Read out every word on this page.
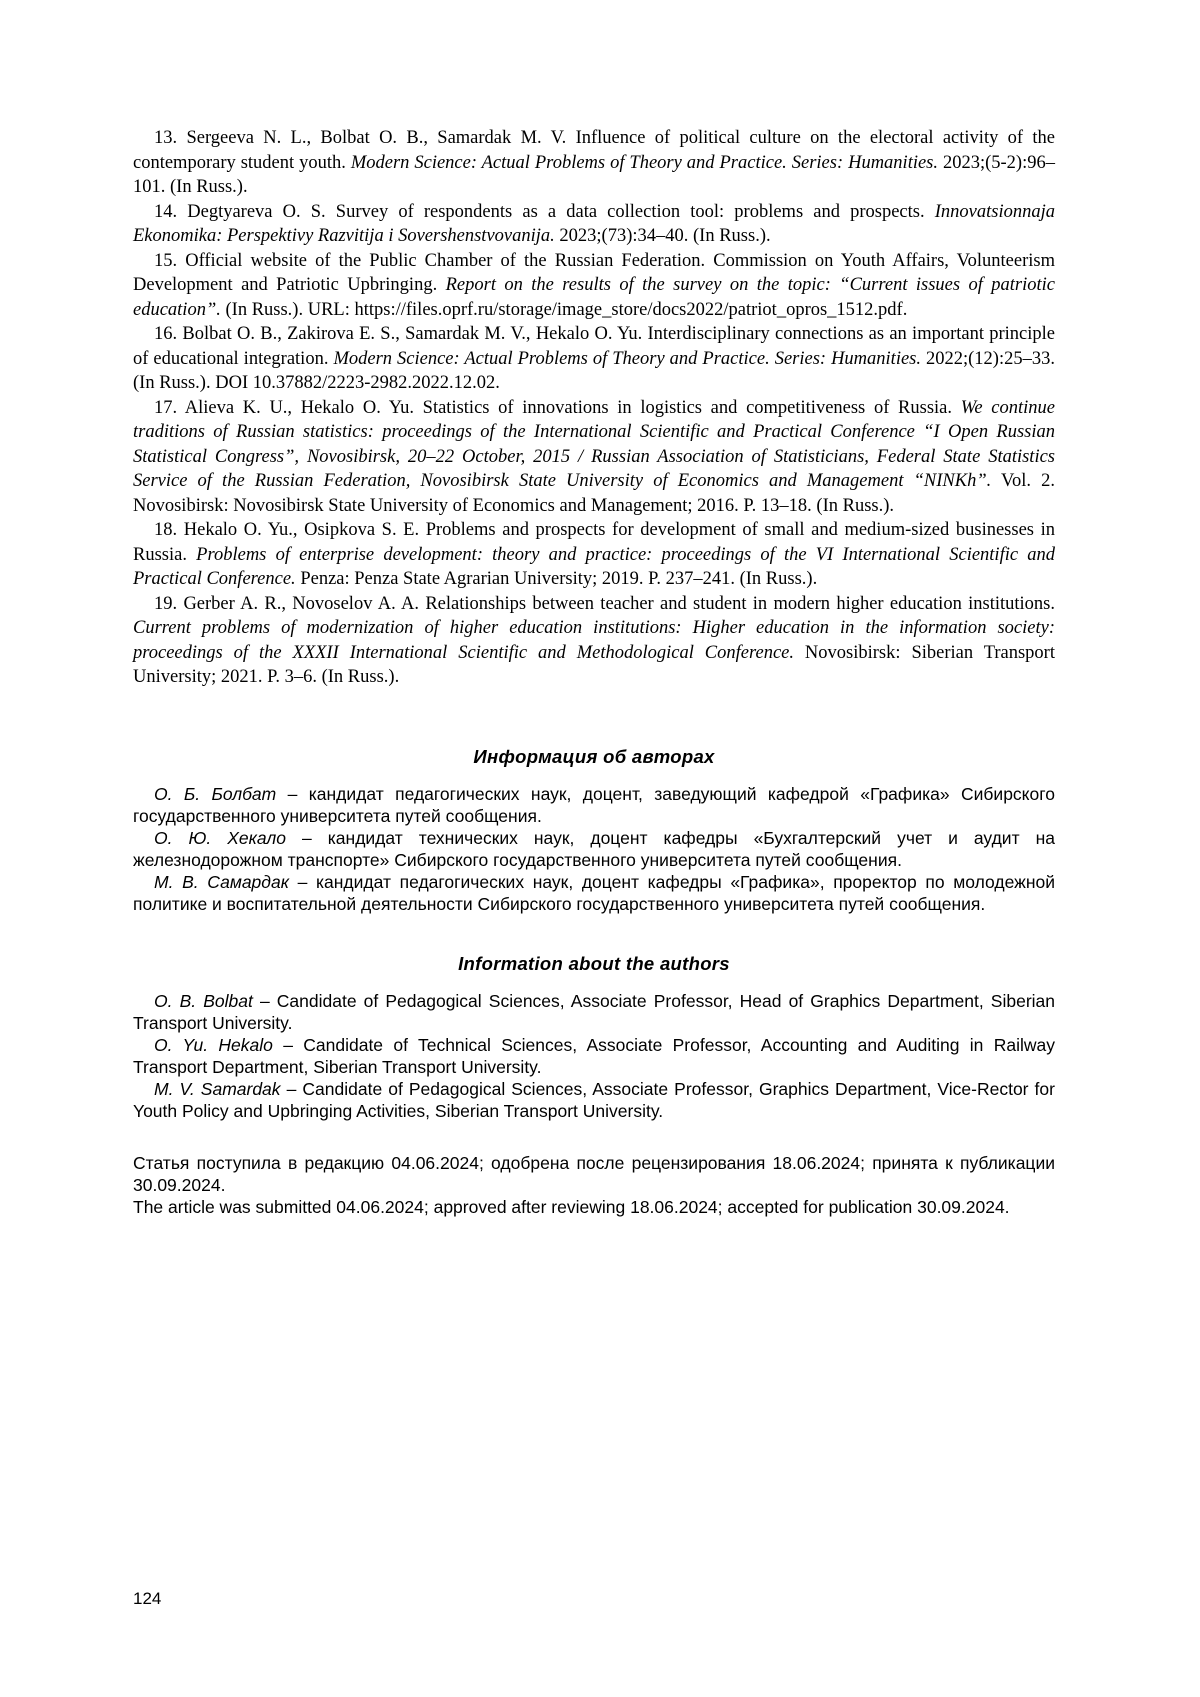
13. Sergeeva N. L., Bolbat O. B., Samardak M. V. Influence of political culture on the electoral activity of the contemporary student youth. Modern Science: Actual Problems of Theory and Practice. Series: Humanities. 2023;(5-2):96–101. (In Russ.).

14. Degtyareva O. S. Survey of respondents as a data collection tool: problems and prospects. Innovatsionnaja Ekonomika: Perspektivy Razvitija i Sovershenstvovanija. 2023;(73):34–40. (In Russ.).

15. Official website of the Public Chamber of the Russian Federation. Commission on Youth Affairs, Volunteerism Development and Patriotic Upbringing. Report on the results of the survey on the topic: “Current issues of patriotic education”. (In Russ.). URL: https://files.oprf.ru/storage/image_store/docs2022/patriot_opros_1512.pdf.

16. Bolbat O. B., Zakirova E. S., Samardak M. V., Hekalo O. Yu. Interdisciplinary connections as an important principle of educational integration. Modern Science: Actual Problems of Theory and Practice. Series: Humanities. 2022;(12):25–33. (In Russ.). DOI 10.37882/2223-2982.2022.12.02.

17. Alieva K. U., Hekalo O. Yu. Statistics of innovations in logistics and competitiveness of Russia. We continue traditions of Russian statistics: proceedings of the International Scientific and Practical Conference “I Open Russian Statistical Congress”, Novosibirsk, 20–22 October, 2015 / Russian Association of Statisticians, Federal State Statistics Service of the Russian Federation, Novosibirsk State University of Economics and Management “NINKh”. Vol. 2. Novosibirsk: Novosibirsk State University of Economics and Management; 2016. P. 13–18. (In Russ.).

18. Hekalo O. Yu., Osipkova S. E. Problems and prospects for development of small and medium-sized businesses in Russia. Problems of enterprise development: theory and practice: proceedings of the VI International Scientific and Practical Conference. Penza: Penza State Agrarian University; 2019. P. 237–241. (In Russ.).

19. Gerber A. R., Novoselov A. A. Relationships between teacher and student in modern higher education institutions. Current problems of modernization of higher education institutions: Higher education in the information society: proceedings of the XXXII International Scientific and Methodological Conference. Novosibirsk: Siberian Transport University; 2021. P. 3–6. (In Russ.).

Информация об авторах

О. Б. Болбат – кандидат педагогических наук, доцент, заведующий кафедрой «Графика» Сибирского государственного университета путей сообщения.

О. Ю. Хекало – кандидат технических наук, доцент кафедры «Бухгалтерский учет и аудит на железнодорожном транспорте» Сибирского государственного университета путей сообщения.

М. В. Самардак – кандидат педагогических наук, доцент кафедры «Графика», проректор по молодежной политике и воспитательной деятельности Сибирского государственного университета путей сообщения.

Information about the authors

O. B. Bolbat – Candidate of Pedagogical Sciences, Associate Professor, Head of Graphics Department, Siberian Transport University.

O. Yu. Hekalo – Candidate of Technical Sciences, Associate Professor, Accounting and Auditing in Railway Transport Department, Siberian Transport University.

M. V. Samardak – Candidate of Pedagogical Sciences, Associate Professor, Graphics Department, Vice-Rector for Youth Policy and Upbringing Activities, Siberian Transport University.

Статья поступила в редакцию 04.06.2024; одобрена после рецензирования 18.06.2024; принята к публикации 30.09.2024.

The article was submitted 04.06.2024; approved after reviewing 18.06.2024; accepted for publication 30.09.2024.

124
